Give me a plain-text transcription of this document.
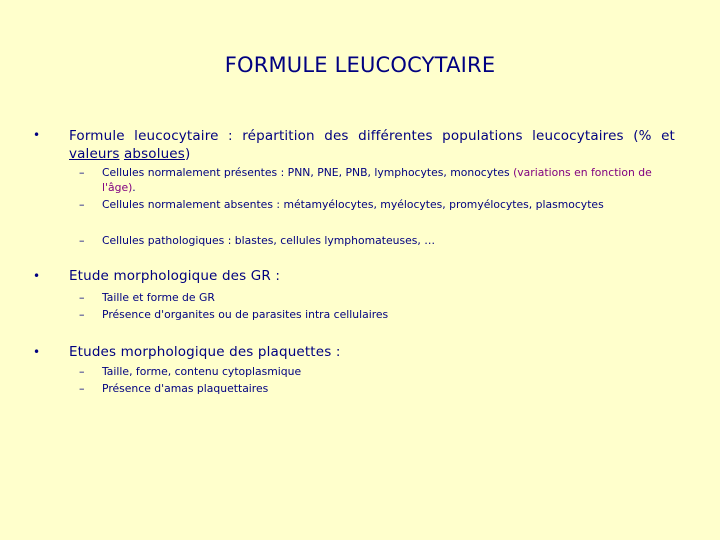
FORMULE LEUCOCYTAIRE
• Formule leucocytaire : répartition des différentes populations leucocytaires (% et valeurs absolues)
– Cellules normalement présentes : PNN, PNE, PNB, lymphocytes, monocytes (variations en fonction de l'âge).
– Cellules normalement absentes : métamyélocytes, myélocytes, promyélocytes, plasmocytes
– Cellules pathologiques : blastes, cellules lymphomateuses, …
• Etude morphologique des GR :
– Taille et forme de GR
– Présence d'organites ou de parasites intra cellulaires
• Etudes morphologique des plaquettes :
– Taille, forme, contenu cytoplasmique
– Présence d'amas plaquettaires
